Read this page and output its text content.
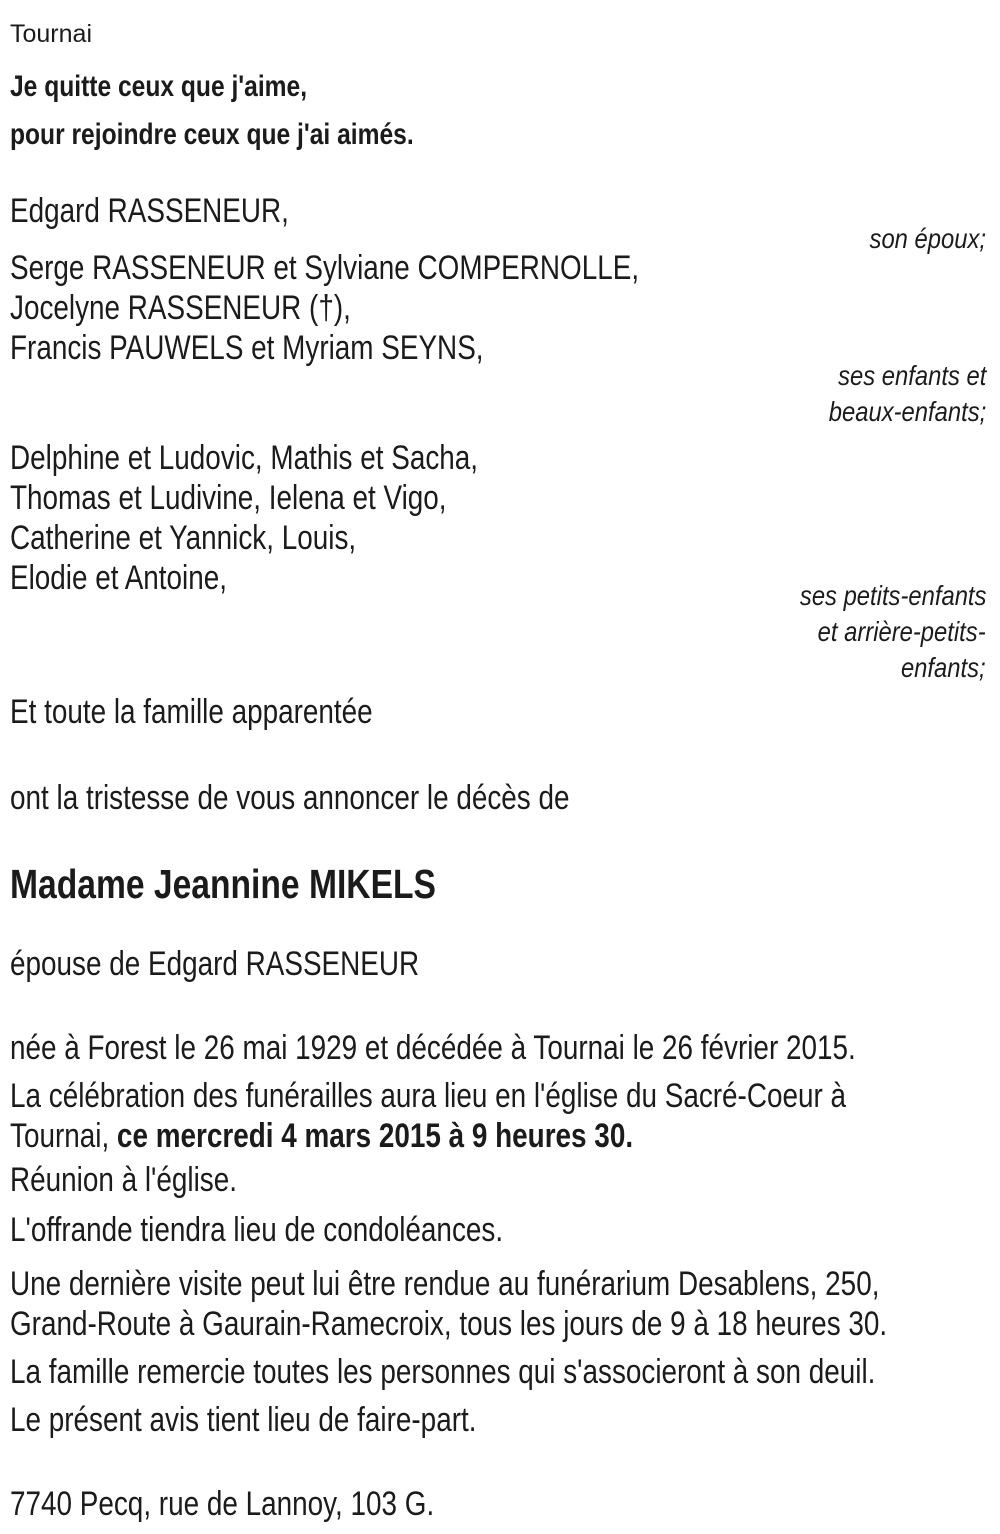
Tournai
Je quitte ceux que j'aime,
pour rejoindre ceux que j'ai aimés.
Edgard RASSENEUR,
son époux;
Serge RASSENEUR et Sylviane COMPERNOLLE,
Jocelyne RASSENEUR (†),
Francis PAUWELS et Myriam SEYNS,
ses enfants et
beaux-enfants;
Delphine et Ludovic, Mathis et Sacha,
Thomas et Ludivine, Ielena et Vigo,
Catherine et Yannick, Louis,
Elodie et Antoine,	ses petits-enfants
et arrière-petits-
enfants;
Et toute la famille apparentée
ont la tristesse de vous annoncer le décès de
Madame Jeannine MIKELS
épouse de Edgard RASSENEUR
née à Forest le 26 mai 1929 et décédée à Tournai le 26 février 2015.
La célébration des funérailles aura lieu en l'église du Sacré-Coeur à
Tournai, ce mercredi 4 mars 2015 à 9 heures 30.
Réunion à l'église.
L'offrande tiendra lieu de condoléances.
Une dernière visite peut lui être rendue au funérarium Desablens, 250,
Grand-Route à Gaurain-Ramecroix, tous les jours de 9 à 18 heures 30.
La famille remercie toutes les personnes qui s'associeront à son deuil.
Le présent avis tient lieu de faire-part.
7740 Pecq, rue de Lannoy, 103 G.
